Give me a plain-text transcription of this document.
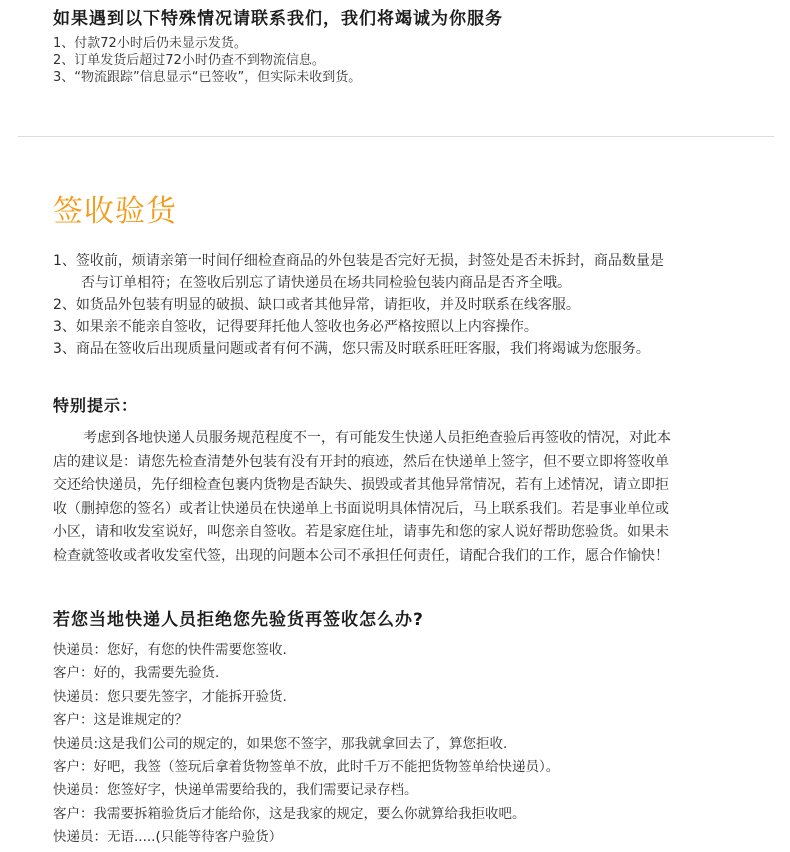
如果遇到以下特殊情况请联系我们，我们将竭诚为你服务
1、付款72小时后仍未显示发货。
2、订单发货后超过72小时仍查不到物流信息。
3、“物流跟踪”信息显示“已签收”，但实际未收到货。
签收验货
1、签收前，烦请亲第一时间仔细检查商品的外包装是否完好无损，封签处是否未拆封，商品数量是
否与订单相符；在签收后别忘了请快递员在场共同检验包装内商品是否齐全哦。
2、如货品外包装有明显的破损、缺口或者其他异常，请拒收，并及时联系在线客服。
3、如果亲不能亲自签收，记得要拜托他人签收也务必严格按照以上内容操作。
3、商品在签收后出现质量问题或者有何不满，您只需及时联系旺旺客服，我们将竭诚为您服务。
特别提示：
考虑到各地快递人员服务规范程度不一，有可能发生快递人员拒绝查验后再签收的情况，对此本
店的建议是：请您先检查清楚外包装有没有开封的痕迹，然后在快递单上签字，但不要立即将签收单
交还给快递员，先仔细检查包裹内货物是否缺失、损毁或者其他异常情况，若有上述情况，请立即拒
收（删掉您的签名）或者让快递员在快递单上书面说明具体情况后，马上联系我们。若是事业单位或
小区，请和收发室说好，叫您亲自签收。若是家庭住址，请事先和您的家人说好帮助您验货。如果未
检查就签收或者收发室代签，出现的问题本公司不承担任何责任，请配合我们的工作，愿合作愉快！
若您当地快递人员拒绝您先验货再签收怎么办?
快递员：您好，有您的快件需要您签收.
客户：好的，我需要先验货.
快递员：您只要先签字，才能拆开验货.
客户：这是谁规定的？
快递员:这是我们公司的规定的，如果您不签字，那我就拿回去了，算您拒收.
客户：好吧，我签（签玩后拿着货物签单不放，此时千万不能把货物签单给快递员）。
快递员：您签好字，快递单需要给我的，我们需要记录存档。
客户：我需要拆箱验货后才能给你，这是我家的规定，要么你就算给我拒收吧。
快递员：无语.....(只能等待客户验货）
